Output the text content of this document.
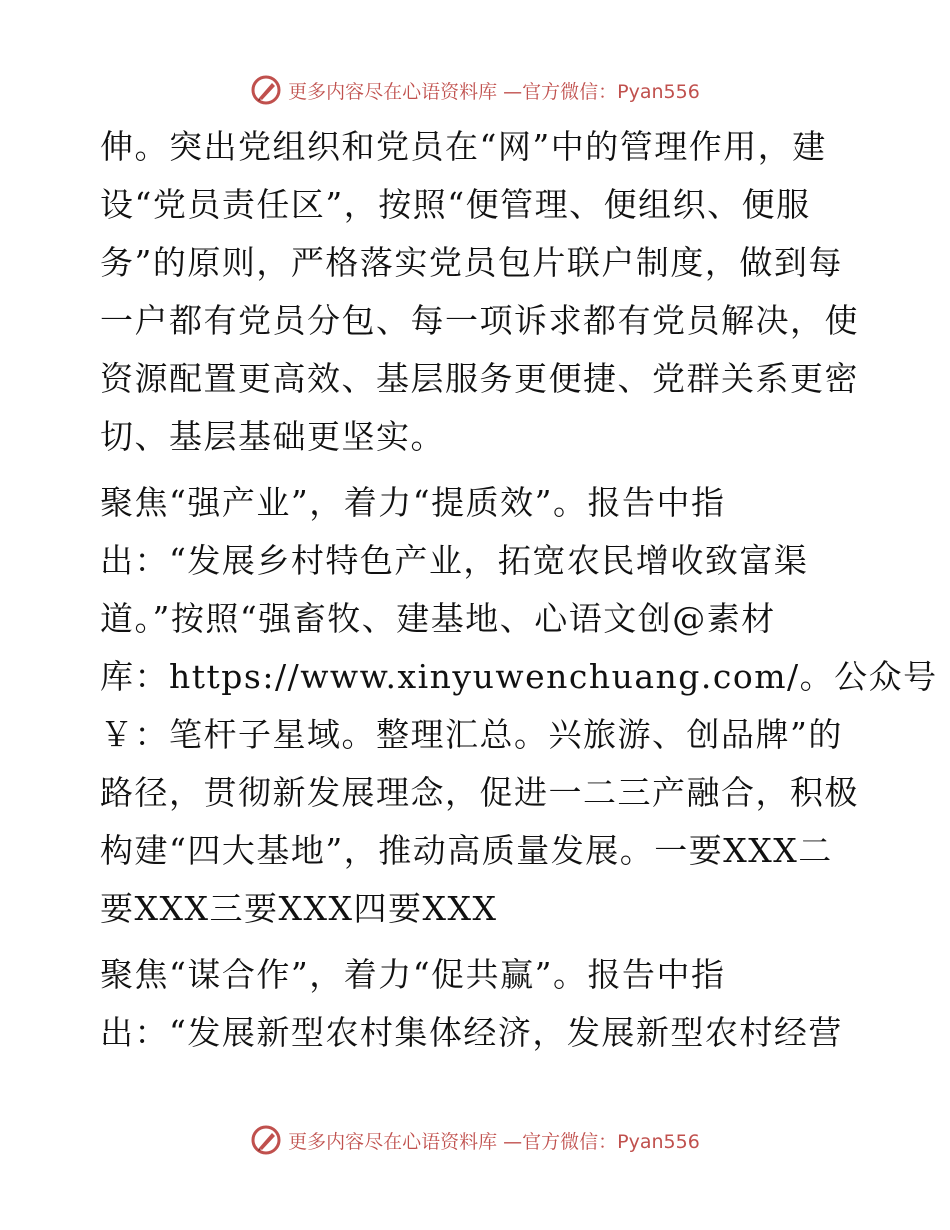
更多内容尽在心语资料库 —官方微信：Pyan556
伸。突出党组织和党员在“网”中的管理作用，建
设“党员责任区”，按照“便管理、便组织、便服
务”的原则，严格落实党员包片联户制度，做到每
一户都有党员分包、每一项诉求都有党员解决，使
资源配置更高效、基层服务更便捷、党群关系更密
切、基层基础更坚实。
聚焦“强产业”，着力“提质效”。报告中指
出：“发展乡村特色产业，拓宽农民增收致富渠
道。”按照“强畜牧、建基地、心语文创@素材
库：https://www.xinyuwenchuang.com/。公众号
￥：笔杆子星域。整理汇总。兴旅游、创品牌”的
路径，贯彻新发展理念，促进一二三产融合，积极
构建“四大基地”，推动高质量发展。一要XXX二
要XXX三要XXX四要XXX
聚焦“谋合作”，着力“促共赢”。报告中指
出：“发展新型农村集体经济，发展新型农村经营
更多内容尽在心语资料库 —官方微信：Pyan556
